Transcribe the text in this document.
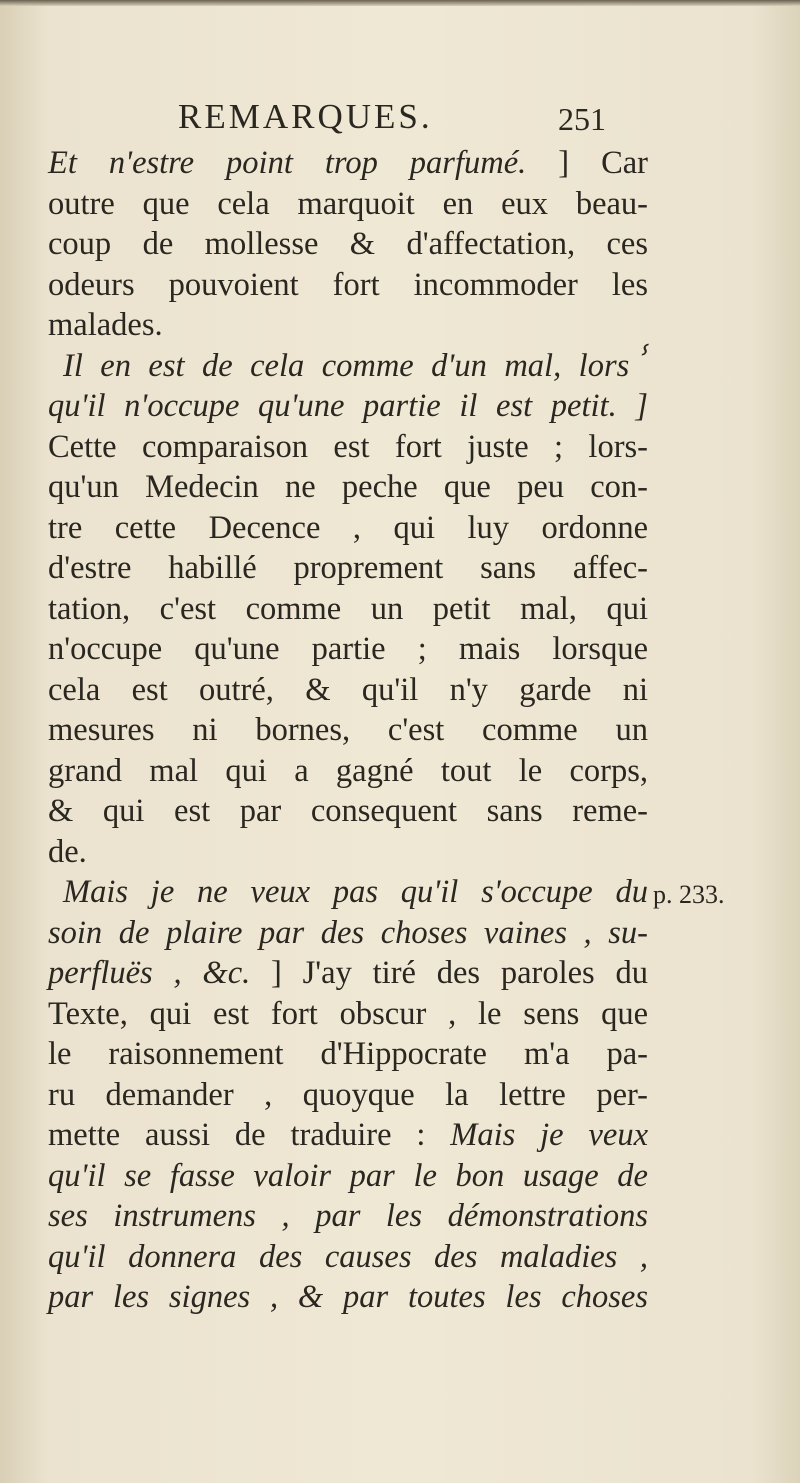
REMARQUES.	251
p. 233.
Et n'estre point trop parfumé. ] Car
outre que cela marquoit en eux beau-
coup de mollesse & d'affectation, ces
odeurs pouvoient fort incommoder les
malades.
Il en est de cela comme d'un mal, lorsⸯ
qu'il n'occupe qu'une partie il est petit. ]
Cette comparaison est fort juste ; lors-
qu'un Medecin ne peche que peu con-
tre cette Decence , qui luy ordonne
d'estre habillé proprement sans affec-
tation, c'est comme un petit mal, qui
n'occupe qu'une partie ; mais lorsque
cela est outré, & qu'il n'y garde ni
mesures ni bornes, c'est comme un
grand mal qui a gagné tout le corps,
& qui est par consequent sans reme-
de.
Mais je ne veux pas qu'il s'occupe du
soin de plaire par des choses vaines , su-
perfluës , &c. ] J'ay tiré des paroles du
Texte, qui est fort obscur , le sens que
le raisonnement d'Hippocrate m'a pa-
ru demander , quoyque la lettre per-
mette aussi de traduire : Mais je veux
qu'il se fasse valoir par le bon usage de
ses instrumens , par les démonstrations
qu'il donnera des causes des maladies ,
par les signes , & par toutes les choses
